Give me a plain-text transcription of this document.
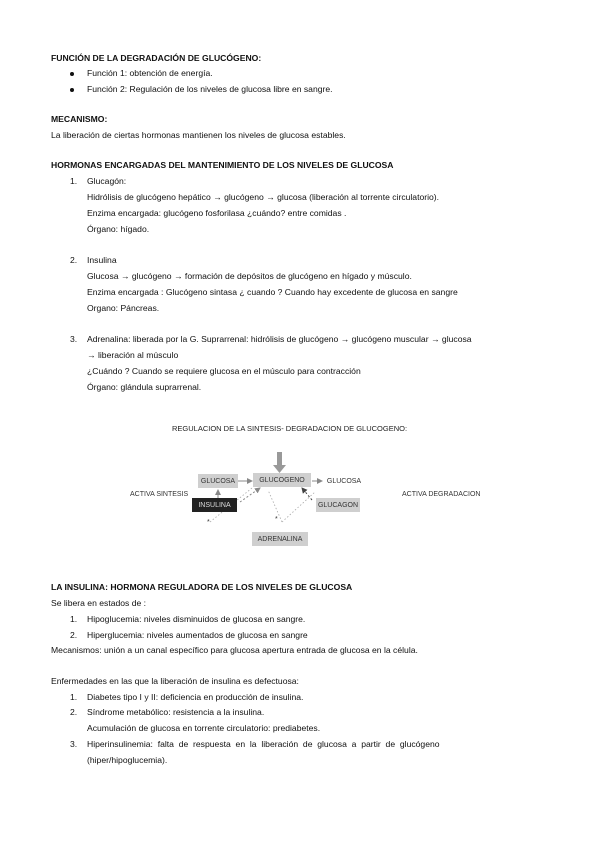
FUNCIÓN DE LA DEGRADACIÓN DE GLUCÓGENO:
Función 1: obtención de energía.
Función 2: Regulación de los niveles de glucosa libre en sangre.
MECANISMO:
La liberación de ciertas hormonas mantienen los niveles de glucosa estables.
HORMONAS ENCARGADAS DEL MANTENIMIENTO DE LOS NIVELES DE GLUCOSA
1. Glucagón:
Hidrólisis de glucógeno hepático → glucógeno → glucosa (liberación al torrente circulatorio).
Enzima encargada: glucógeno fosforilasa ¿cuándo? entre comidas .
Órgano: hígado.
2. Insulina
Glucosa → glucógeno → formación de depósitos de glucógeno en hígado y músculo.
Enzima encargada : Glucógeno sintasa ¿ cuando ? Cuando hay excedente de glucosa en sangre
Organo: Páncreas.
3. Adrenalina: liberada por la G. Suprarrenal: hidrólisis de glucógeno → glucógeno muscular → glucosa
→ liberación al músculo
¿Cuándo ? Cuando se requiere glucosa en el músculo para contracción
Órgano: glándula suprarrenal.
REGULACION DE LA SINTESIS- DEGRADACION DE GLUCOGENO:
ACTIVA SINTESIS	ACTIVA DEGRADACION
GLUCOSA	GLUCOGENO	GLUCOSA
INSULINA	GLUCAGON
*	*
ADRENALINA
LA INSULINA: HORMONA REGULADORA DE LOS NIVELES DE GLUCOSA
Se libera en estados de :
1. Hipoglucemia: niveles disminuidos de glucosa en sangre.
2. Hiperglucemia: niveles aumentados de glucosa en sangre
Mecanismos: unión a un canal específico para glucosa apertura entrada de glucosa en la célula.
Enfermedades en las que la liberación de insulina es defectuosa:
1. Diabetes tipo I y II: deficiencia en producción de insulina.
2. Síndrome metabólico: resistencia a la insulina.
Acumulación de glucosa en torrente circulatorio: prediabetes.
3. Hiperinsulinemia:  falta  de  respuesta  en  la  liberación  de  glucosa  a  partir  de  glucógeno
(hiper/hipoglucemia).
